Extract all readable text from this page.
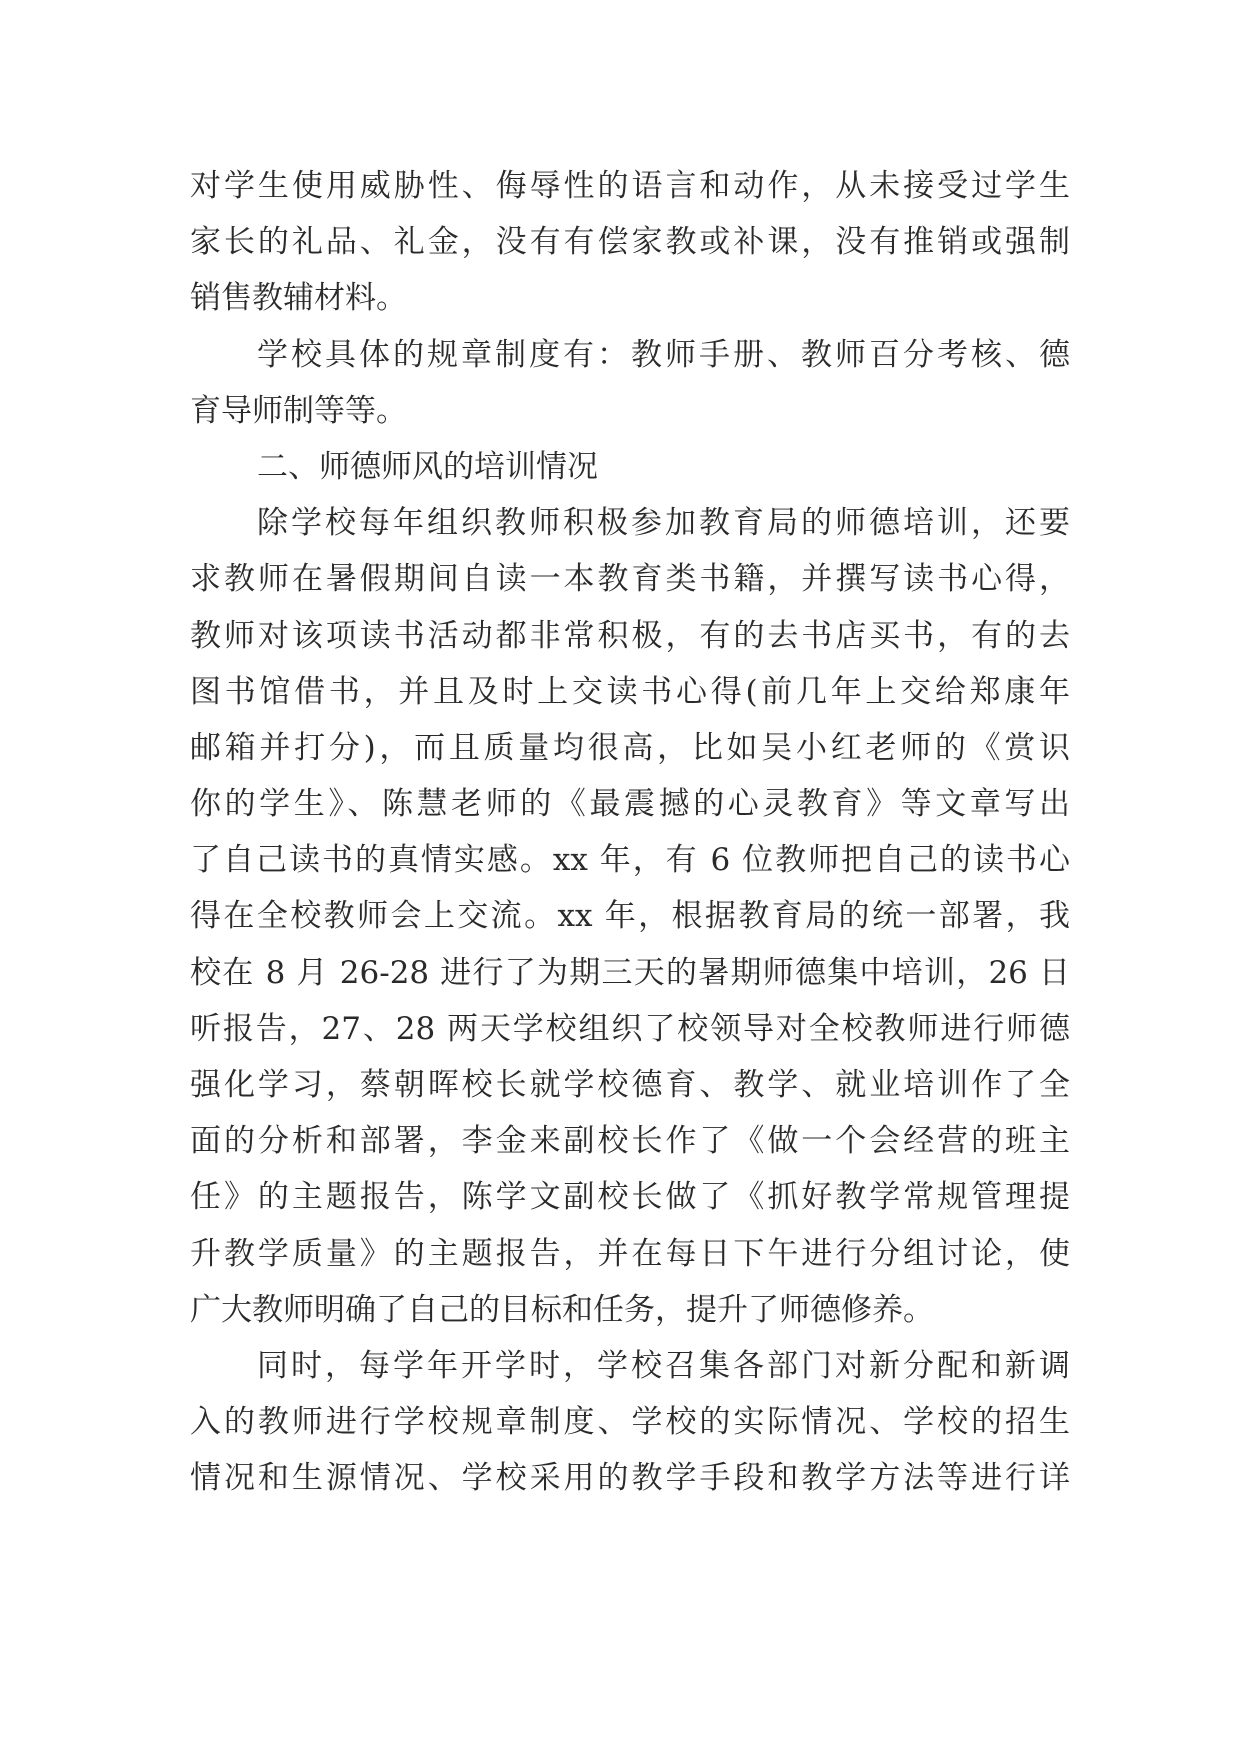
对学生使用威胁性、侮辱性的语言和动作，从未接受过学生
家长的礼品、礼金，没有有偿家教或补课，没有推销或强制
销售教辅材料。
学校具体的规章制度有：教师手册、教师百分考核、德
育导师制等等。
二、师德师风的培训情况
除学校每年组织教师积极参加教育局的师德培训，还要
求教师在暑假期间自读一本教育类书籍，并撰写读书心得，
教师对该项读书活动都非常积极，有的去书店买书，有的去
图书馆借书，并且及时上交读书心得(前几年上交给郑康年
邮箱并打分)，而且质量均很高，比如吴小红老师的《赏识
你的学生》、陈慧老师的《最震撼的心灵教育》等文章写出
了自己读书的真情实感。xx 年，有 6 位教师把自己的读书心
得在全校教师会上交流。xx 年，根据教育局的统一部署，我
校在 8 月 26-28 进行了为期三天的暑期师德集中培训，26 日
听报告，27、28 两天学校组织了校领导对全校教师进行师德
强化学习，蔡朝晖校长就学校德育、教学、就业培训作了全
面的分析和部署，李金来副校长作了《做一个会经营的班主
任》的主题报告，陈学文副校长做了《抓好教学常规管理提
升教学质量》的主题报告，并在每日下午进行分组讨论，使
广大教师明确了自己的目标和任务，提升了师德修养。
同时，每学年开学时，学校召集各部门对新分配和新调
入的教师进行学校规章制度、学校的实际情况、学校的招生
情况和生源情况、学校采用的教学手段和教学方法等进行详
